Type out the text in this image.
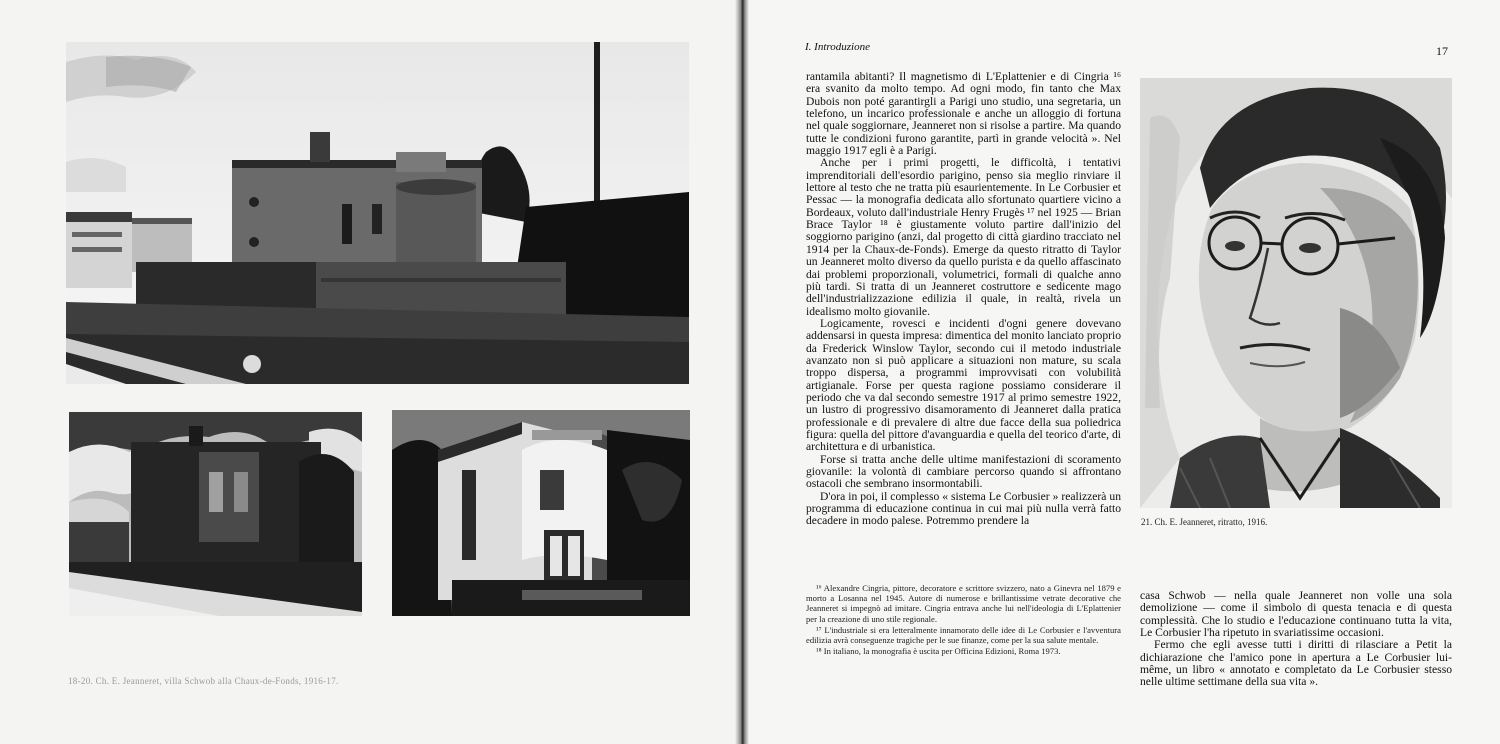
18-20. Ch. E. Jeanneret, villa Schwob alla Chaux-de-Fonds, 1916-17.
I. Introduzione	17

rantamila abitanti? Il magnetismo di L'Eplattenier e di Cingria ¹⁶ era svanito da molto tempo. Ad ogni modo, fin tanto che Max Dubois non poté garantirgli a Parigi uno studio, una segretaria, un telefono, un incarico professionale e anche un alloggio di fortuna nel quale soggiornare, Jeanneret non si risolse a partire. Ma quando tutte le condizioni furono garantite, partì in grande velocità ». Nel maggio 1917 egli è a Parigi.

Anche per i primi progetti, le difficoltà, i tentativi imprenditoriali dell'esordio parigino, penso sia meglio rinviare il lettore al testo che ne tratta più esaurientemente. In Le Corbusier et Pessac — la monografia dedicata allo sfortunato quartiere vicino a Bordeaux, voluto dall'industriale Henry Frugès ¹⁷ nel 1925 — Brian Brace Taylor ¹⁸ è giustamente voluto partire dall'inizio del soggiorno parigino (anzi, dal progetto di città giardino tracciato nel 1914 per la Chaux-de-Fonds). Emerge da questo ritratto di Taylor un Jeanneret molto diverso da quello purista e da quello affascinato dai problemi proporzionali, volumetrici, formali di qualche anno più tardi. Si tratta di un Jeanneret costruttore e sedicente mago dell'industrializzazione edilizia il quale, in realtà, rivela un idealismo molto giovanile.

Logicamente, rovesci e incidenti d'ogni genere dovevano addensarsi in questa impresa: dimentica del monito lanciato proprio da Frederick Winslow Taylor, secondo cui il metodo industriale avanzato non si può applicare a situazioni non mature, su scala troppo dispersa, a programmi improvvisati con volubilità artigianale. Forse per questa ragione possiamo considerare il periodo che va dal secondo semestre 1917 al primo semestre 1922, un lustro di progressivo disamoramento di Jeanneret dalla pratica professionale e di prevalere di altre due facce della sua poliedrica figura: quella del pittore d'avanguardia e quella del teorico d'arte, di architettura e di urbanistica.

Forse si tratta anche delle ultime manifestazioni di scoramento giovanile: la volontà di cambiare percorso quando si affrontano ostacoli che sembrano insormontabili.

D'ora in poi, il complesso « sistema Le Corbusier » realizzerà un programma di educazione continua in cui mai più nulla verrà fatto decadere in modo palese. Potremmo prendere la

¹⁶ Alexandre Cingria, pittore, decoratore e scrittore svizzero, nato a Ginevra nel 1879 e morto a Losanna nel 1945. Autore di numerose e brillantissime vetrate decorative che Jeanneret si impegnò ad imitare. Cingria entrava anche lui nell'ideologia di L'Eplattenier per la creazione di uno stile regionale.

¹⁷ L'industriale si era letteralmente innamorato delle idee di Le Corbusier e l'avventura edilizia avrà conseguenze tragiche per le sue finanze, come per la sua salute mentale.

¹⁸ In italiano, la monografia è uscita per Officina Edizioni, Roma 1973.

21. Ch. E. Jeanneret, ritratto, 1916.

casa Schwob — nella quale Jeanneret non volle una sola demolizione — come il simbolo di questa tenacia e di questa complessità. Che lo studio e l'educazione continuano tutta la vita, Le Corbusier l'ha ripetuto in svariatissime occasioni.

Fermo che egli avesse tutti i diritti di rilasciare a Petit la dichiarazione che l'amico pone in apertura a Le Corbusier lui-même, un libro « annotato e completato da Le Corbusier stesso nelle ultime settimane della sua vita ».
